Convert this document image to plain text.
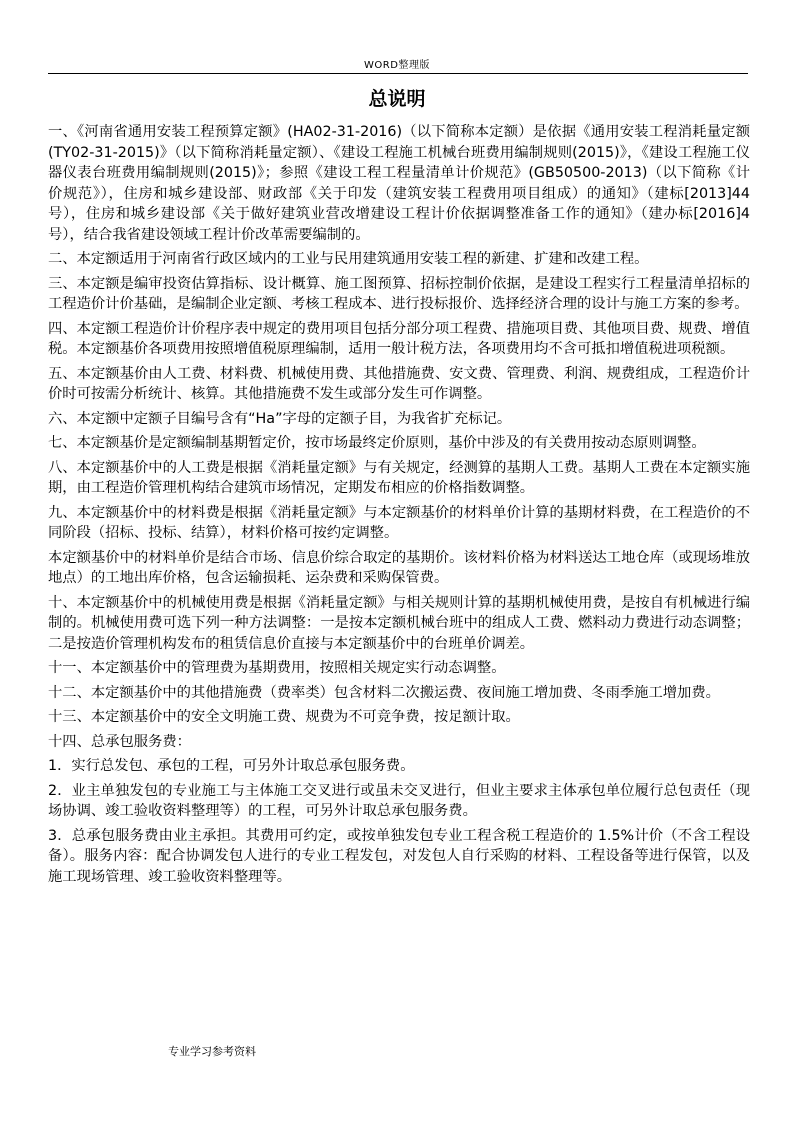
WORD整理版
总说明

一、《河南省通用安装工程预算定额》(HA02-31-2016)（以下简称本定额）是依据《通用安装工程消耗量定额(TY02-31-2015)》（以下简称消耗量定额）、《建设工程施工机械台班费用编制规则(2015)》，《建设工程施工仪器仪表台班费用编制规则(2015)》；参照《建设工程工程量清单计价规范》(GB50500-2013)（以下简称《计价规范》），住房和城乡建设部、财政部《关于印发（建筑安装工程费用项目组成）的通知》（建标[2013]44号），住房和城乡建设部《关于做好建筑业营改增建设工程计价依据调整准备工作的通知》（建办标[2016]4号），结合我省建设领域工程计价改革需要编制的。

二、本定额适用于河南省行政区域内的工业与民用建筑通用安装工程的新建、扩建和改建工程。

三、本定额是编审投资估算指标、设计概算、施工图预算、招标控制价依据，是建设工程实行工程量清单招标的工程造价计价基础，是编制企业定额、考核工程成本、进行投标报价、选择经济合理的设计与施工方案的参考。

四、本定额工程造价计价程序表中规定的费用项目包括分部分项工程费、措施项目费、其他项目费、规费、增值税。本定额基价各项费用按照增值税原理编制，适用一般计税方法，各项费用均不含可抵扣增值税进项税额。

五、本定额基价由人工费、材料费、机械使用费、其他措施费、安文费、管理费、利润、规费组成，工程造价计价时可按需分析统计、核算。其他措施费不发生或部分发生可作调整。

六、本定额中定额子目编号含有“Ha”字母的定额子目，为我省扩充标记。

七、本定额基价是定额编制基期暂定价，按市场最终定价原则，基价中涉及的有关费用按动态原则调整。

八、本定额基价中的人工费是根据《消耗量定额》与有关规定，经测算的基期人工费。基期人工费在本定额实施期，由工程造价管理机构结合建筑市场情况，定期发布相应的价格指数调整。

九、本定额基价中的材料费是根据《消耗量定额》与本定额基价的材料单价计算的基期材料费，在工程造价的不同阶段（招标、投标、结算），材料价格可按约定调整。

本定额基价中的材料单价是结合市场、信息价综合取定的基期价。该材料价格为材料送达工地仓库（或现场堆放地点）的工地出库价格，包含运输损耗、运杂费和采购保管费。

十、本定额基价中的机械使用费是根据《消耗量定额》与相关规则计算的基期机械使用费，是按自有机械进行编制的。机械使用费可选下列一种方法调整：一是按本定额机械台班中的组成人工费、燃料动力费进行动态调整；二是按造价管理机构发布的租赁信息价直接与本定额基价中的台班单价调差。

十一、本定额基价中的管理费为基期费用，按照相关规定实行动态调整。

十二、本定额基价中的其他措施费（费率类）包含材料二次搬运费、夜间施工增加费、冬雨季施工增加费。

十三、本定额基价中的安全文明施工费、规费为不可竞争费，按足额计取。

十四、总承包服务费：

1．实行总发包、承包的工程，可另外计取总承包服务费。

2．业主单独发包的专业施工与主体施工交叉进行或虽未交叉进行，但业主要求主体承包单位履行总包责任（现场协调、竣工验收资料整理等）的工程，可另外计取总承包服务费。

3．总承包服务费由业主承担。其费用可约定，或按单独发包专业工程含税工程造价的 1.5%计价（不含工程设备）。服务内容：配合协调发包人进行的专业工程发包，对发包人自行采购的材料、工程设备等进行保管，以及施工现场管理、竣工验收资料整理等。

专业学习参考资料
